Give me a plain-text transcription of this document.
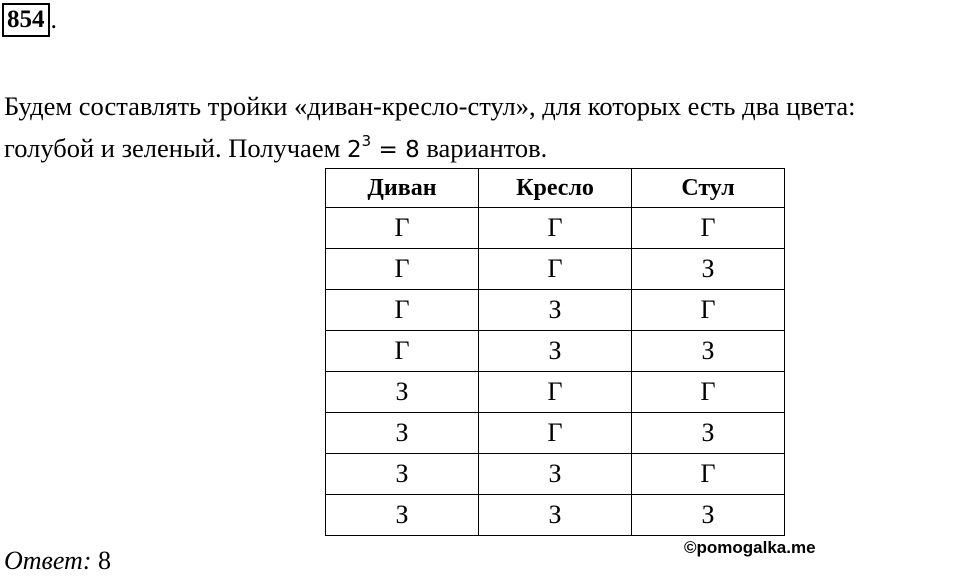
854 .
Будем составлять тройки «диван-кресло-стул», для которых есть два цвета:
голубой и зеленый. Получаем $2^3 = 8$ вариантов.
Диван	Кресло	Стул
Г	Г	Г
Г	Г	З
Г	З	Г
Г	З	З
З	Г	Г
З	Г	З
З	З	Г
З	З	З
Ответ: 8	©pomogalka.me
